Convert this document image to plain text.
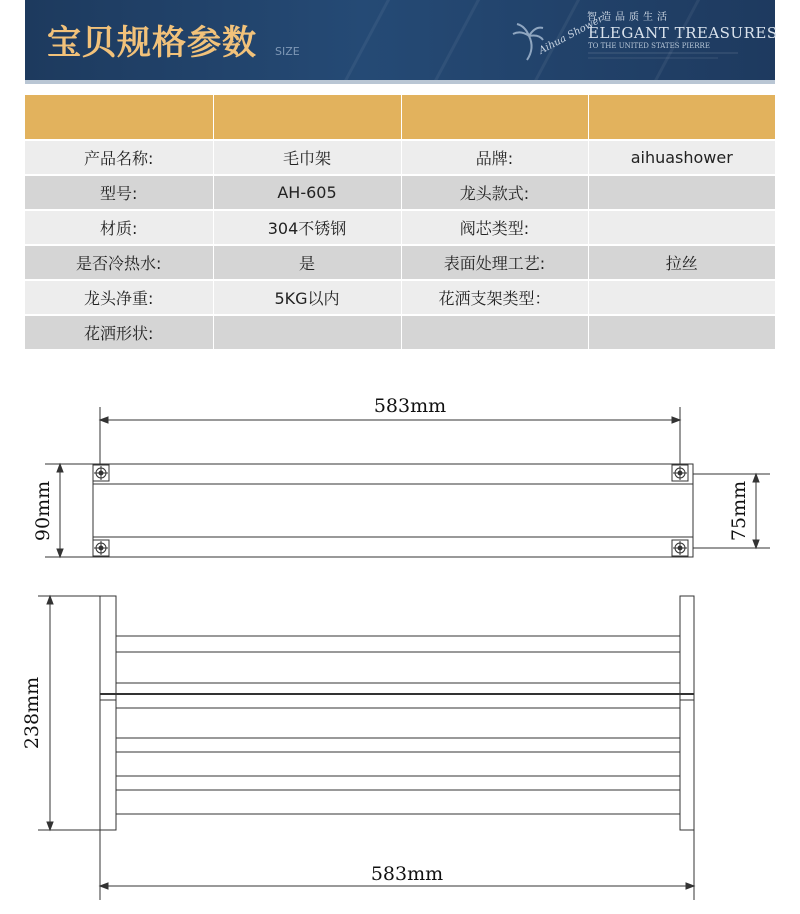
宝贝规格参数 SIZE	Aihua Shower
智造品质生活
ELEGANT TREASURES
TO THE UNITED STATES PIERRE

产品名称:	毛巾架	品牌:	aihuashower
型号:	AH-605	龙头款式:	
材质:	304不锈钢	阀芯类型:	
是否冷热水:	是	表面处理工艺:	拉丝
龙头净重:	5KG以内	花洒支架类型：	
花洒形状:			
583mm
90mm	75mm
238mm
583mm
